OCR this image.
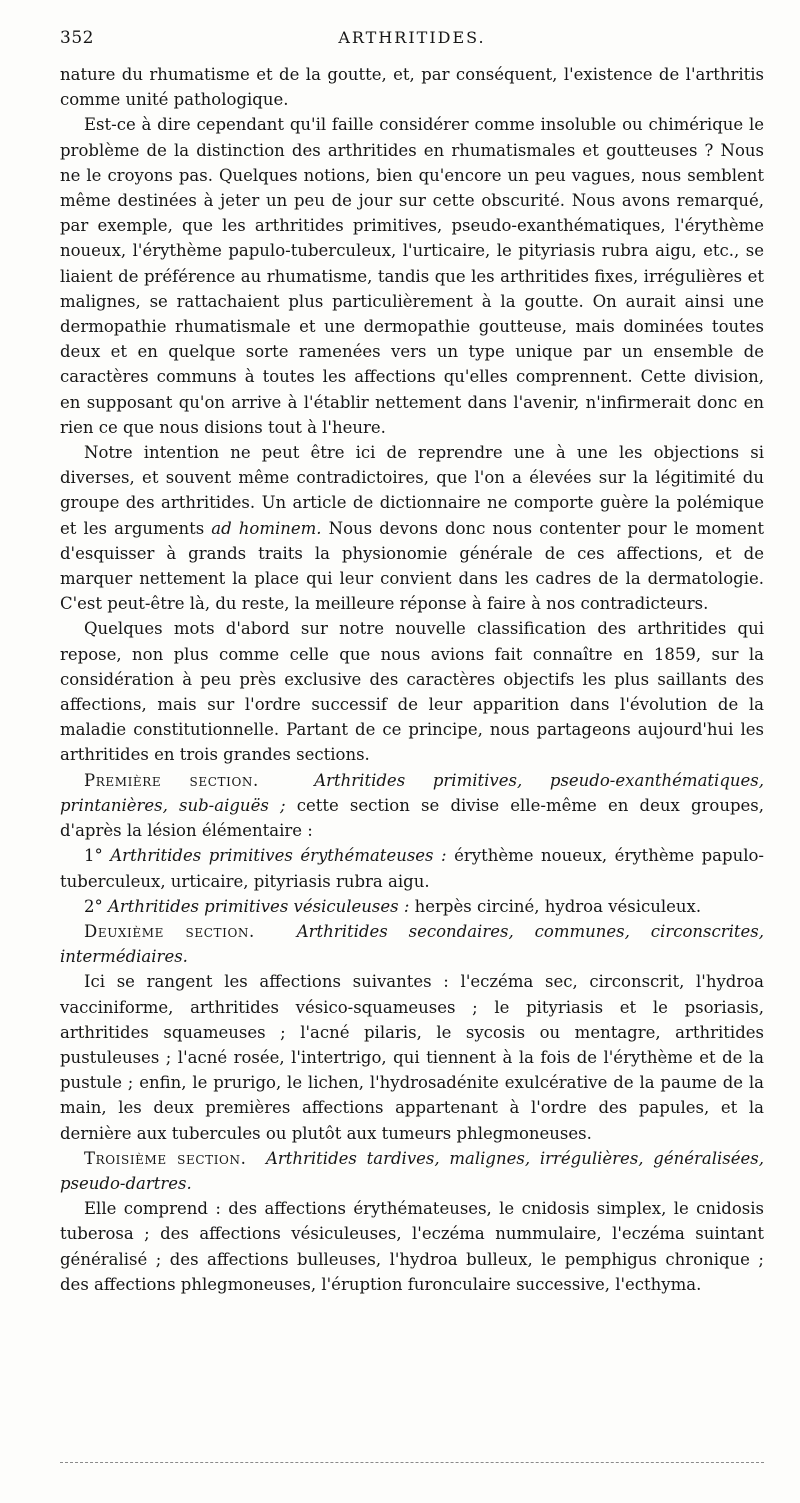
352	ARTHRITIDES.

nature du rhumatisme et de la goutte, et, par conséquent, l'existence de l'arthritis comme unité pathologique.

Est-ce à dire cependant qu'il faille considérer comme insoluble ou chimérique le problème de la distinction des arthritides en rhumatismales et goutteuses ? Nous ne le croyons pas. Quelques notions, bien qu'encore un peu vagues, nous semblent même destinées à jeter un peu de jour sur cette obscurité. Nous avons remarqué, par exemple, que les arthritides primitives, pseudo-exanthématiques, l'érythème noueux, l'érythème papulo-tuberculeux, l'urticaire, le pityriasis rubra aigu, etc., se liaient de préférence au rhumatisme, tandis que les arthritides fixes, irrégulières et malignes, se rattachaient plus particulièrement à la goutte. On aurait ainsi une dermopathie rhumatismale et une dermopathie goutteuse, mais dominées toutes deux et en quelque sorte ramenées vers un type unique par un ensemble de caractères communs à toutes les affections qu'elles comprennent. Cette division, en supposant qu'on arrive à l'établir nettement dans l'avenir, n'infirmerait donc en rien ce que nous disions tout à l'heure.

Notre intention ne peut être ici de reprendre une à une les objections si diverses, et souvent même contradictoires, que l'on a élevées sur la légitimité du groupe des arthritides. Un article de dictionnaire ne comporte guère la polémique et les arguments ad hominem. Nous devons donc nous contenter pour le moment d'esquisser à grands traits la physionomie générale de ces affections, et de marquer nettement la place qui leur convient dans les cadres de la dermatologie. C'est peut-être là, du reste, la meilleure réponse à faire à nos contradicteurs.

Quelques mots d'abord sur notre nouvelle classification des arthritides qui repose, non plus comme celle que nous avions fait connaître en 1859, sur la considération à peu près exclusive des caractères objectifs les plus saillants des affections, mais sur l'ordre successif de leur apparition dans l'évolution de la maladie constitutionnelle. Partant de ce principe, nous partageons aujourd'hui les arthritides en trois grandes sections.

Première section.	Arthritides primitives, pseudo-exanthématiques, printanières, sub-aiguës ; cette section se divise elle-même en deux groupes, d'après la lésion élémentaire :

1° Arthritides primitives érythémateuses : érythème noueux, érythème papulo-tuberculeux, urticaire, pityriasis rubra aigu.

2° Arthritides primitives vésiculeuses : herpès circiné, hydroa vésiculeux.

Deuxième section.	Arthritides secondaires, communes, circonscrites, intermédiaires.

Ici se rangent les affections suivantes : l'eczéma sec, circonscrit, l'hydroa vacciniforme, arthritides vésico-squameuses ; le pityriasis et le psoriasis, arthritides squameuses ; l'acné pilaris, le sycosis ou mentagre, arthritides pustuleuses ; l'acné rosée, l'intertrigo, qui tiennent à la fois de l'érythème et de la pustule ; enfin, le prurigo, le lichen, l'hydrosadénite exulcérative de la paume de la main, les deux premières affections appartenant à l'ordre des papules, et la dernière aux tubercules ou plutôt aux tumeurs phlegmoneuses.

Troisième section. Arthritides tardives, malignes, irrégulières, généralisées, pseudo-dartres.

Elle comprend : des affections érythémateuses, le cnidosis simplex, le cnidosis tuberosa ; des affections vésiculeuses, l'eczéma nummulaire, l'eczéma suintant généralisé ; des affections bulleuses, l'hydroa bulleux, le pemphigus chronique ; des affections phlegmoneuses, l'éruption furonculaire successive, l'ecthyma.
